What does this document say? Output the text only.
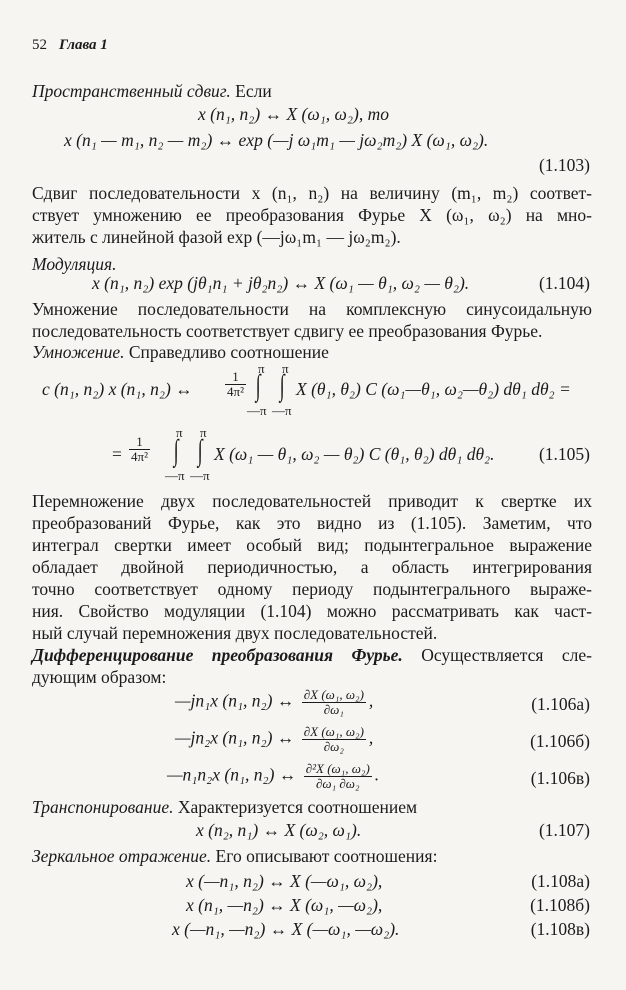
52 Глава 1
Пространственный сдвиг. Если
x (n₁, n₂) ↔ X (ω₁, ω₂), то
x (n₁ — m₁, n₂ — m₂) ↔ exp (—j ω₁m₁ — jω₂m₂) X (ω₁, ω₂).
(1.103)
Сдвиг последовательности x (n₁, n₂) на величину (m₁, m₂) соответ-
ствует умножению ее преобразования Фурье X (ω₁, ω₂) на мно-
житель с линейной фазой exp (—jω₁m₁ — jω₂m₂).
Модуляция.
x (n₁, n₂) exp (jθ₁n₁ + jθ₂n₂) ↔ X (ω₁ — θ₁, ω₂ — θ₂).	(1.104)
Умножение последовательности на комплексную синусоидальную
последовательность соответствует сдвигу ее преобразования Фурье.
Умножение. Справедливо соотношение
c (n₁, n₂) x (n₁, n₂) ↔ $\frac{1}{\text{4π²}}$
π
∫
—π
π
∫
—π
X (θ₁, θ₂) C (ω₁—θ₁, ω₂—θ₂) dθ₁ dθ₂ =
= $\frac{1}{\text{4π²}}$
π
∫
—π
π
∫
—π
X (ω₁ — θ₁, ω₂ — θ₂) C (θ₁, θ₂) dθ₁ dθ₂.	(1.105)
Перемножение двух последовательностей приводит к свертке их
преобразований Фурье, как это видно из (1.105). Заметим, что
интеграл свертки имеет особый вид; подынтегральное выражение
обладает двойной периодичностью, а область интегрирования
точно соответствует одному периоду подынтегрального выраже-
ния. Свойство модуляции (1.104) можно рассматривать как част-
ный случай перемножения двух последовательностей.
Дифференцирование преобразования Фурье. Осуществляется сле-
дующим образом:
—jn₁x (n₁, n₂) ↔ $\frac{\text{∂X (ω₁, ω₂)}}{\text{∂ω₁}}$ ,	(1.106а)
—jn₂x (n₁, n₂) ↔ $\frac{\text{∂X (ω₁, ω₂)}}{\text{∂ω₂}}$ ,	(1.106б)
—n₁n₂x (n₁, n₂) ↔ $\frac{\text{∂²X (ω₁, ω₂)}}{\text{∂ω₁ ∂ω₂}}$ .	(1.106в)
Транспонирование. Характеризуется соотношением
x (n₂, n₁) ↔ X (ω₂, ω₁).	(1.107)
Зеркальное отражение. Его описывают соотношения:
x (—n₁, n₂) ↔ X (—ω₁, ω₂),	(1.108а)
x (n₁, —n₂) ↔ X (ω₁, —ω₂),	(1.108б)
x (—n₁, —n₂) ↔ X (—ω₁, —ω₂).	(1.108в)
